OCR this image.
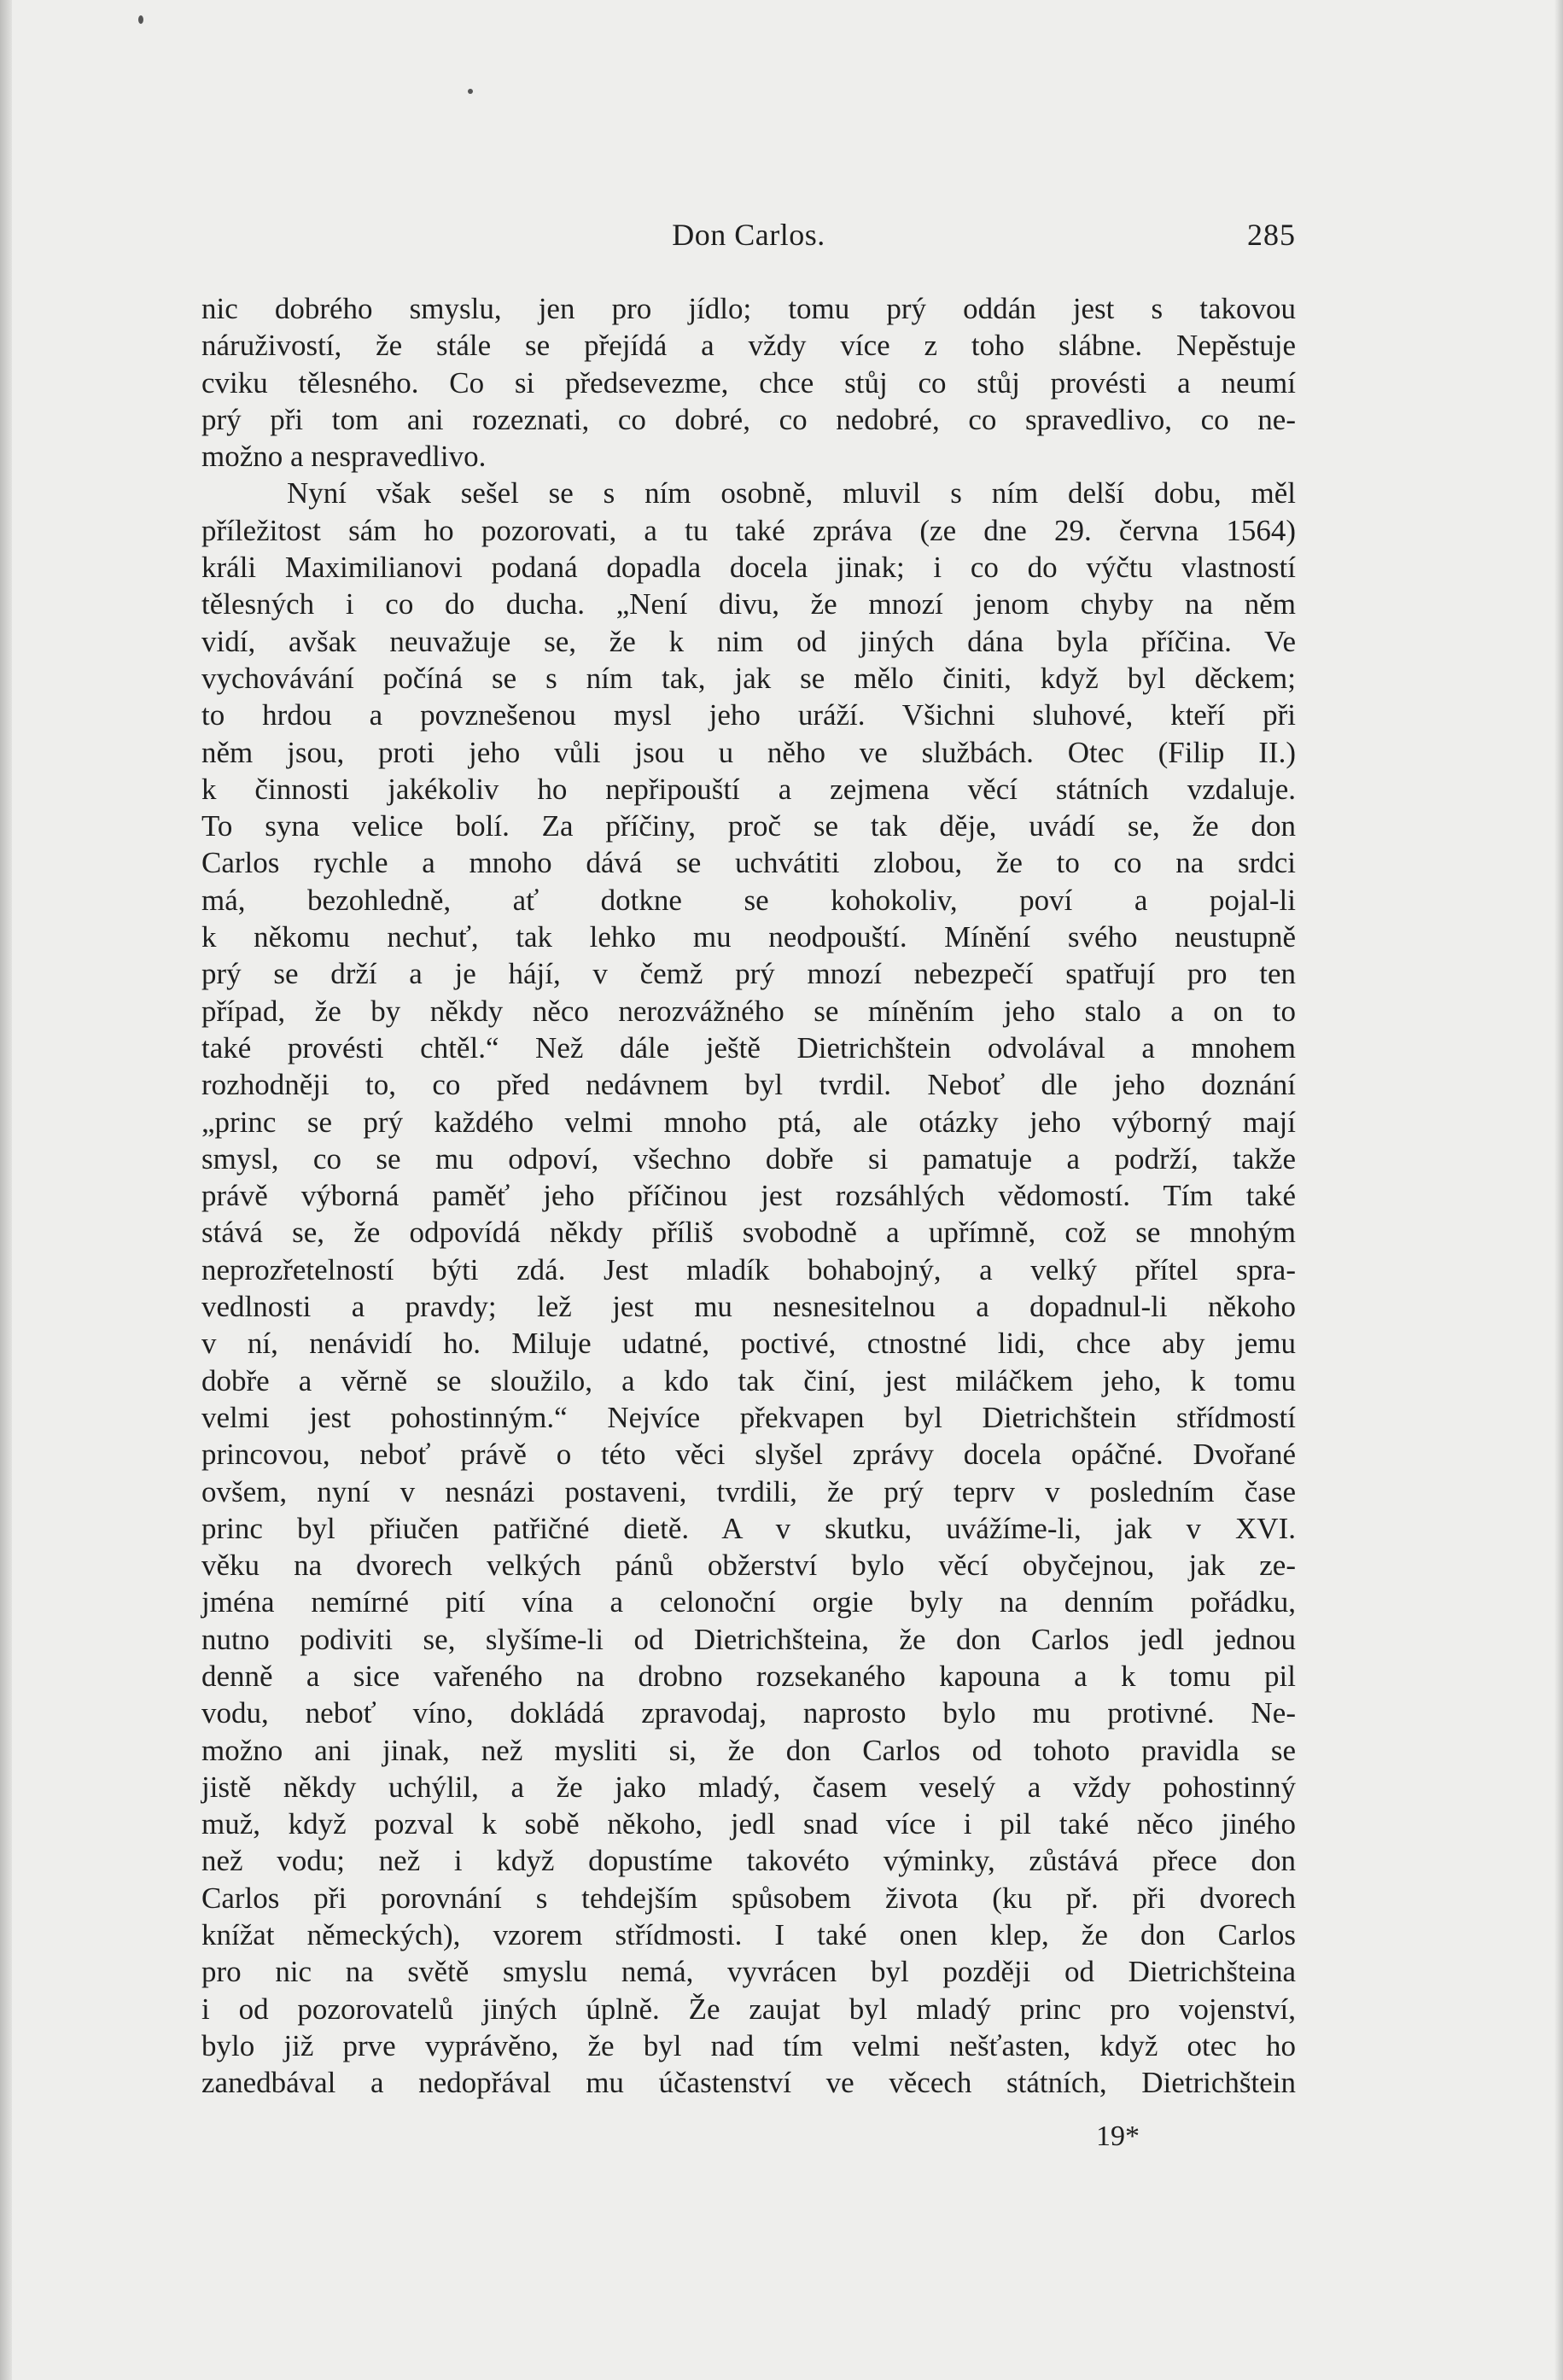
Don Carlos.	285
nic dobrého smyslu, jen pro jídlo; tomu prý oddán jest s takovou
náruživostí, že stále se přejídá a vždy více z toho slábne. Nepěstuje
cviku tělesného. Co si předsevezme, chce stůj co stůj provésti a neumí
prý při tom ani rozeznati, co dobré, co nedobré, co spravedlivo, co ne-
možno a nespravedlivo.
Nyní však sešel se s ním osobně, mluvil s ním delší dobu, měl
příležitost sám ho pozorovati, a tu také zpráva (ze dne 29. června 1564)
králi Maximilianovi podaná dopadla docela jinak; i co do výčtu vlastností
tělesných i co do ducha. „Není divu, že mnozí jenom chyby na něm
vidí, avšak neuvažuje se, že k nim od jiných dána byla příčina. Ve
vychovávání počíná se s ním tak, jak se mělo činiti, když byl děckem;
to hrdou a povznešenou mysl jeho uráží. Všichni sluhové, kteří při
něm jsou, proti jeho vůli jsou u něho ve službách. Otec (Filip II.)
k činnosti jakékoliv ho nepřipouští a zejmena věcí státních vzdaluje.
To syna velice bolí. Za příčiny, proč se tak děje, uvádí se, že don
Carlos rychle a mnoho dává se uchvátiti zlobou, že to co na srdci
má, bezohledně, ať dotkne se kohokoliv, poví a pojal-li
k někomu nechuť, tak lehko mu neodpouští. Mínění svého neustupně
prý se drží a je hájí, v čemž prý mnozí nebezpečí spatřují pro ten
případ, že by někdy něco nerozvážného se míněním jeho stalo a on to
také provésti chtěl.“ Než dále ještě Dietrichštein odvolával a mnohem
rozhodněji to, co před nedávnem byl tvrdil. Neboť dle jeho doznání
„princ se prý každého velmi mnoho ptá, ale otázky jeho výborný mají
smysl, co se mu odpoví, všechno dobře si pamatuje a podrží, takže
právě výborná paměť jeho příčinou jest rozsáhlých vědomostí. Tím také
stává se, že odpovídá někdy příliš svobodně a upřímně, což se mnohým
neprozřetelností býti zdá. Jest mladík bohabojný, a velký přítel spra-
vedlnosti a pravdy; lež jest mu nesnesitelnou a dopadnul-li někoho
v ní, nenávidí ho. Miluje udatné, poctivé, ctnostné lidi, chce aby jemu
dobře a věrně se sloužilo, a kdo tak činí, jest miláčkem jeho, k tomu
velmi jest pohostinným.“ Nejvíce překvapen byl Dietrichštein střídmostí
princovou, neboť právě o této věci slyšel zprávy docela opáčné. Dvořané
ovšem, nyní v nesnázi postaveni, tvrdili, že prý teprv v posledním čase
princ byl přiučen patřičné dietě. A v skutku, uvážíme-li, jak v XVI.
věku na dvorech velkých pánů obžerství bylo věcí obyčejnou, jak ze-
jména nemírné pití vína a celonoční orgie byly na denním pořádku,
nutno podiviti se, slyšíme-li od Dietrichšteina, že don Carlos jedl jednou
denně a sice vařeného na drobno rozsekaného kapouna a k tomu pil
vodu, neboť víno, dokládá zpravodaj, naprosto bylo mu protivné. Ne-
možno ani jinak, než mysliti si, že don Carlos od tohoto pravidla se
jistě někdy uchýlil, a že jako mladý, časem veselý a vždy pohostinný
muž, když pozval k sobě někoho, jedl snad více i pil také něco jiného
než vodu; než i když dopustíme takovéto výminky, zůstává přece don
Carlos při porovnání s tehdejším spůsobem života (ku př. při dvorech
knížat německých), vzorem střídmosti. I také onen klep, že don Carlos
pro nic na světě smyslu nemá, vyvrácen byl později od Dietrichšteina
i od pozorovatelů jiných úplně. Že zaujat byl mladý princ pro vojenství,
bylo již prve vyprávěno, že byl nad tím velmi nešťasten, když otec ho
zanedbával a nedopřával mu účastenství ve věcech státních, Dietrichštein
19*
